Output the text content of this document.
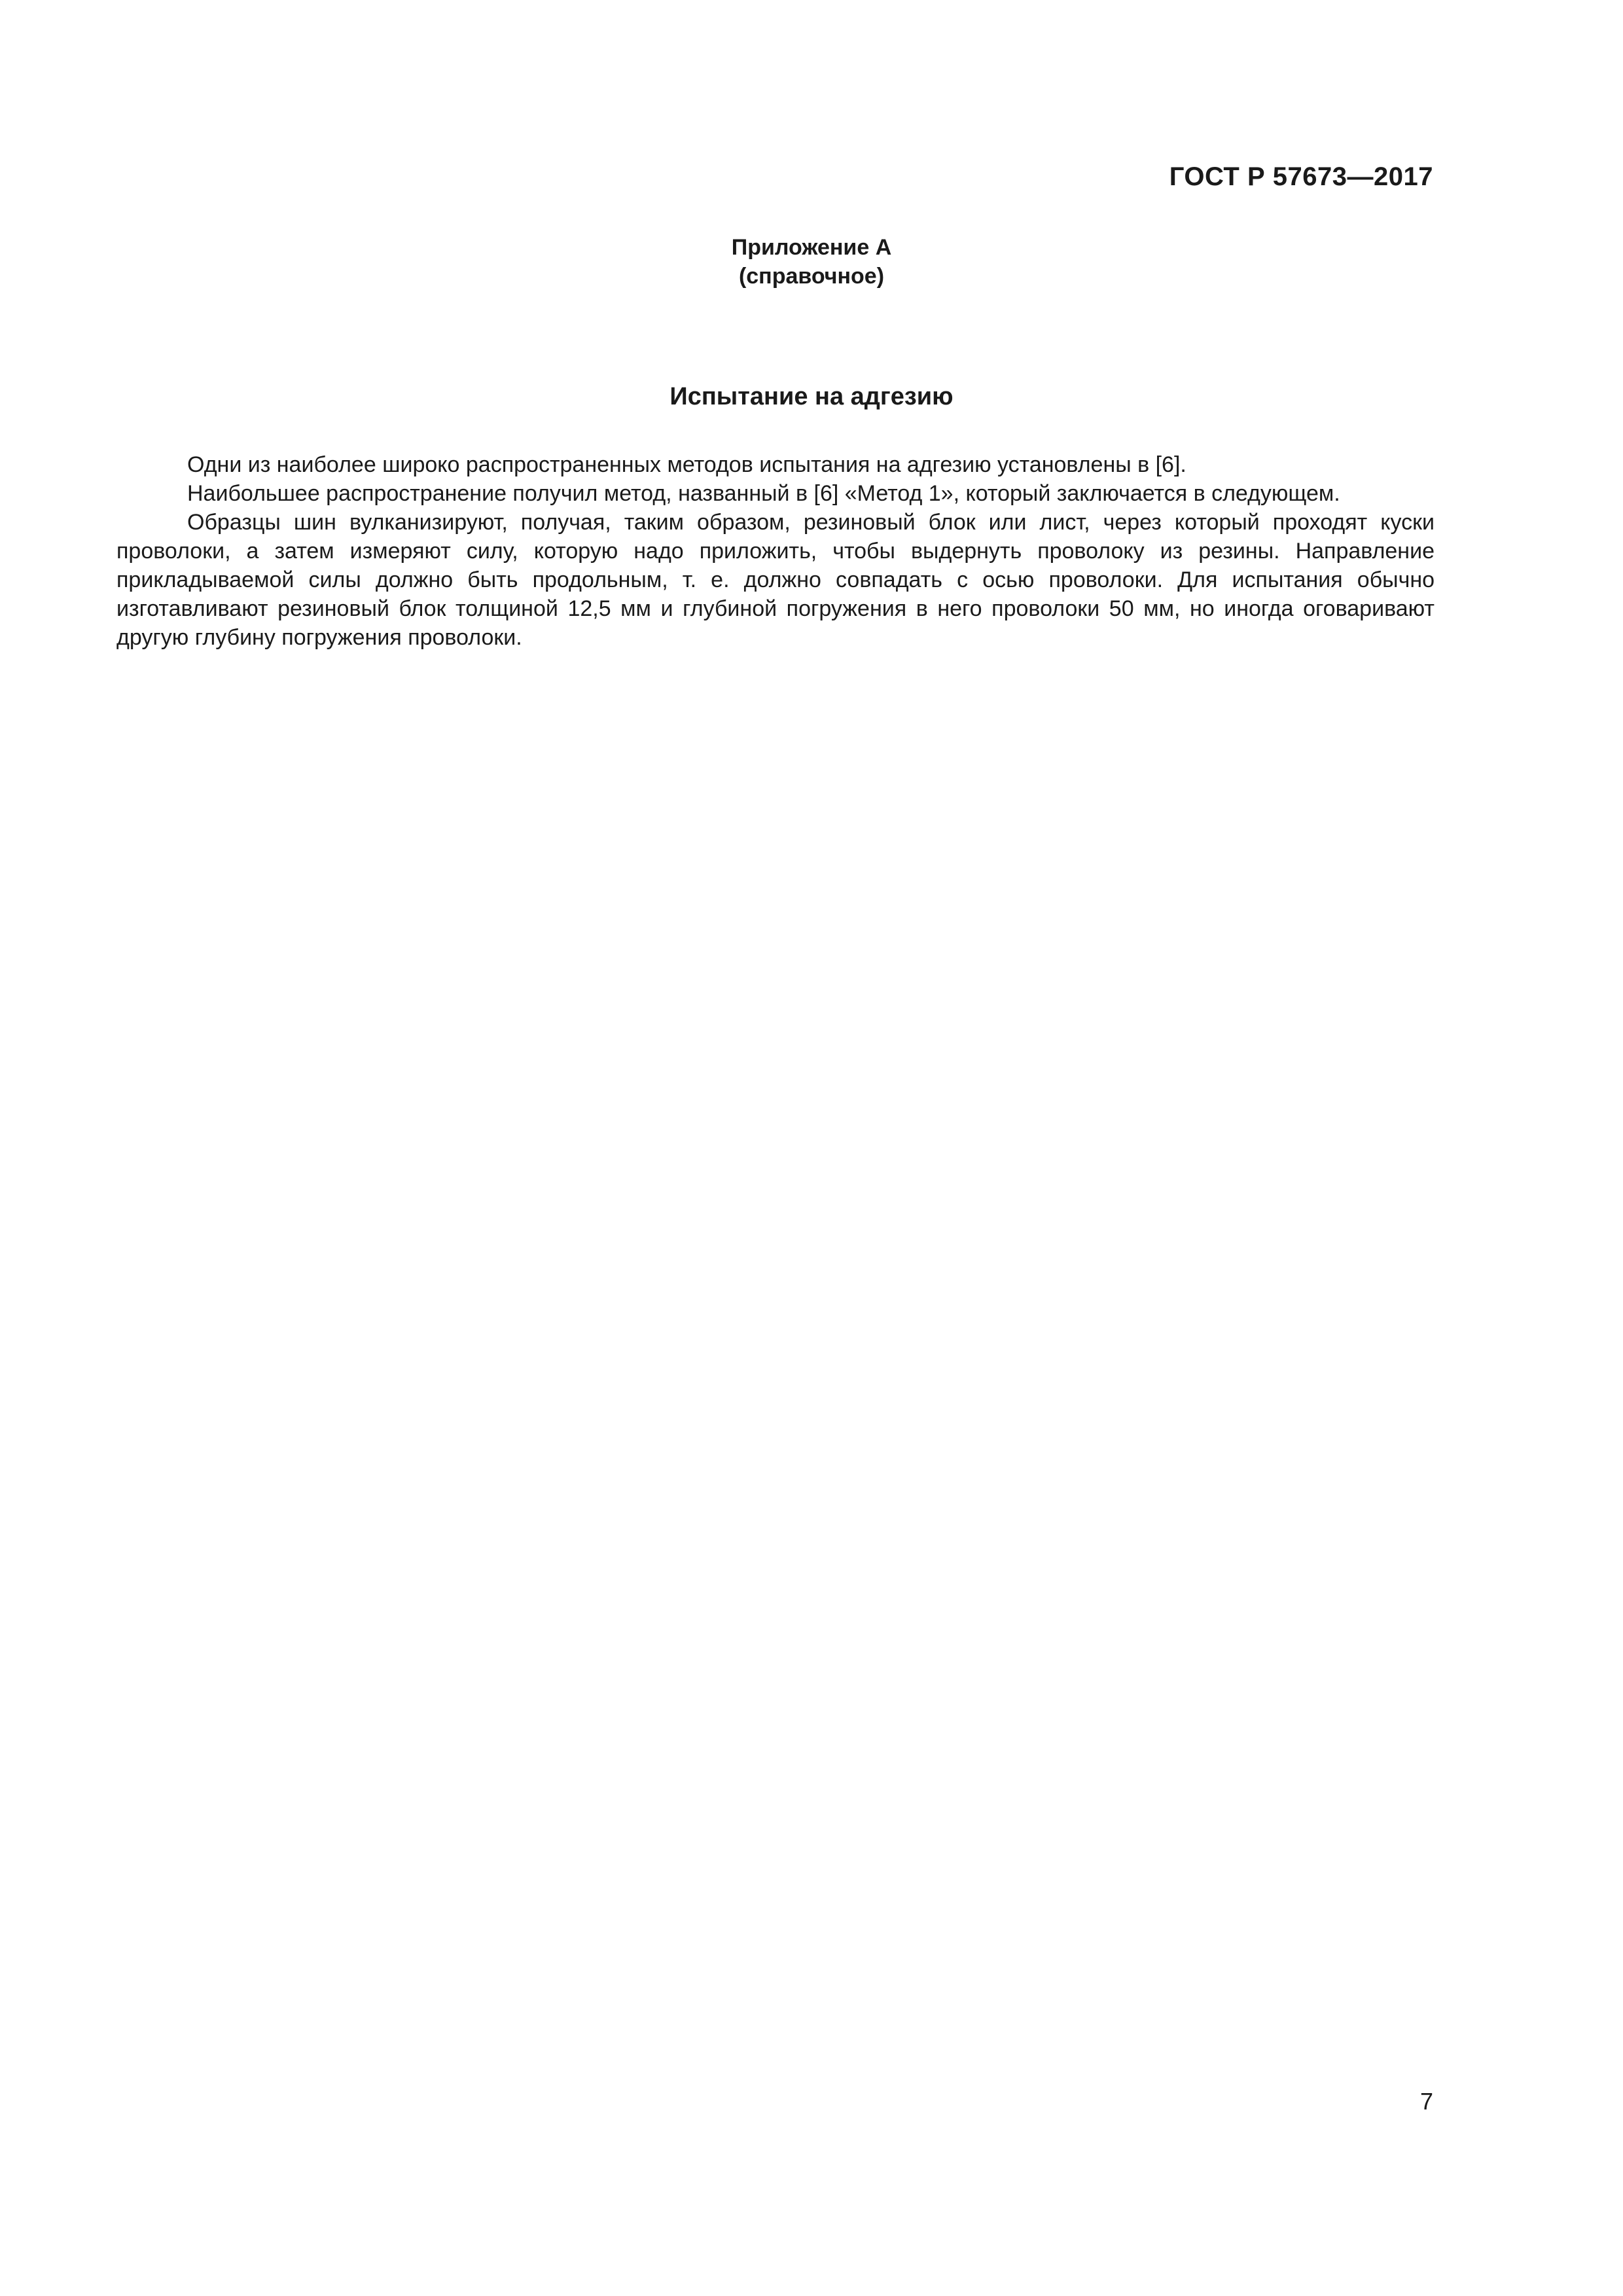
ГОСТ Р 57673—2017

Приложение А
(справочное)
Испытание на адгезию

Одни из наиболее широко распространенных методов испытания на адгезию установлены в [6].

Наибольшее распространение получил метод, названный в [6] «Метод 1», который заключается в следующем.

Образцы шин вулканизируют, получая, таким образом, резиновый блок или лист, через который проходят куски проволоки, а затем измеряют силу, которую надо приложить, чтобы выдернуть проволоку из резины. Направление прикладываемой силы должно быть продольным, т. е. должно совпадать с осью проволоки. Для испытания обычно изготавливают резиновый блок толщиной 12,5 мм и глубиной погружения в него проволоки 50 мм, но иногда оговаривают другую глубину погружения проволоки.

7
